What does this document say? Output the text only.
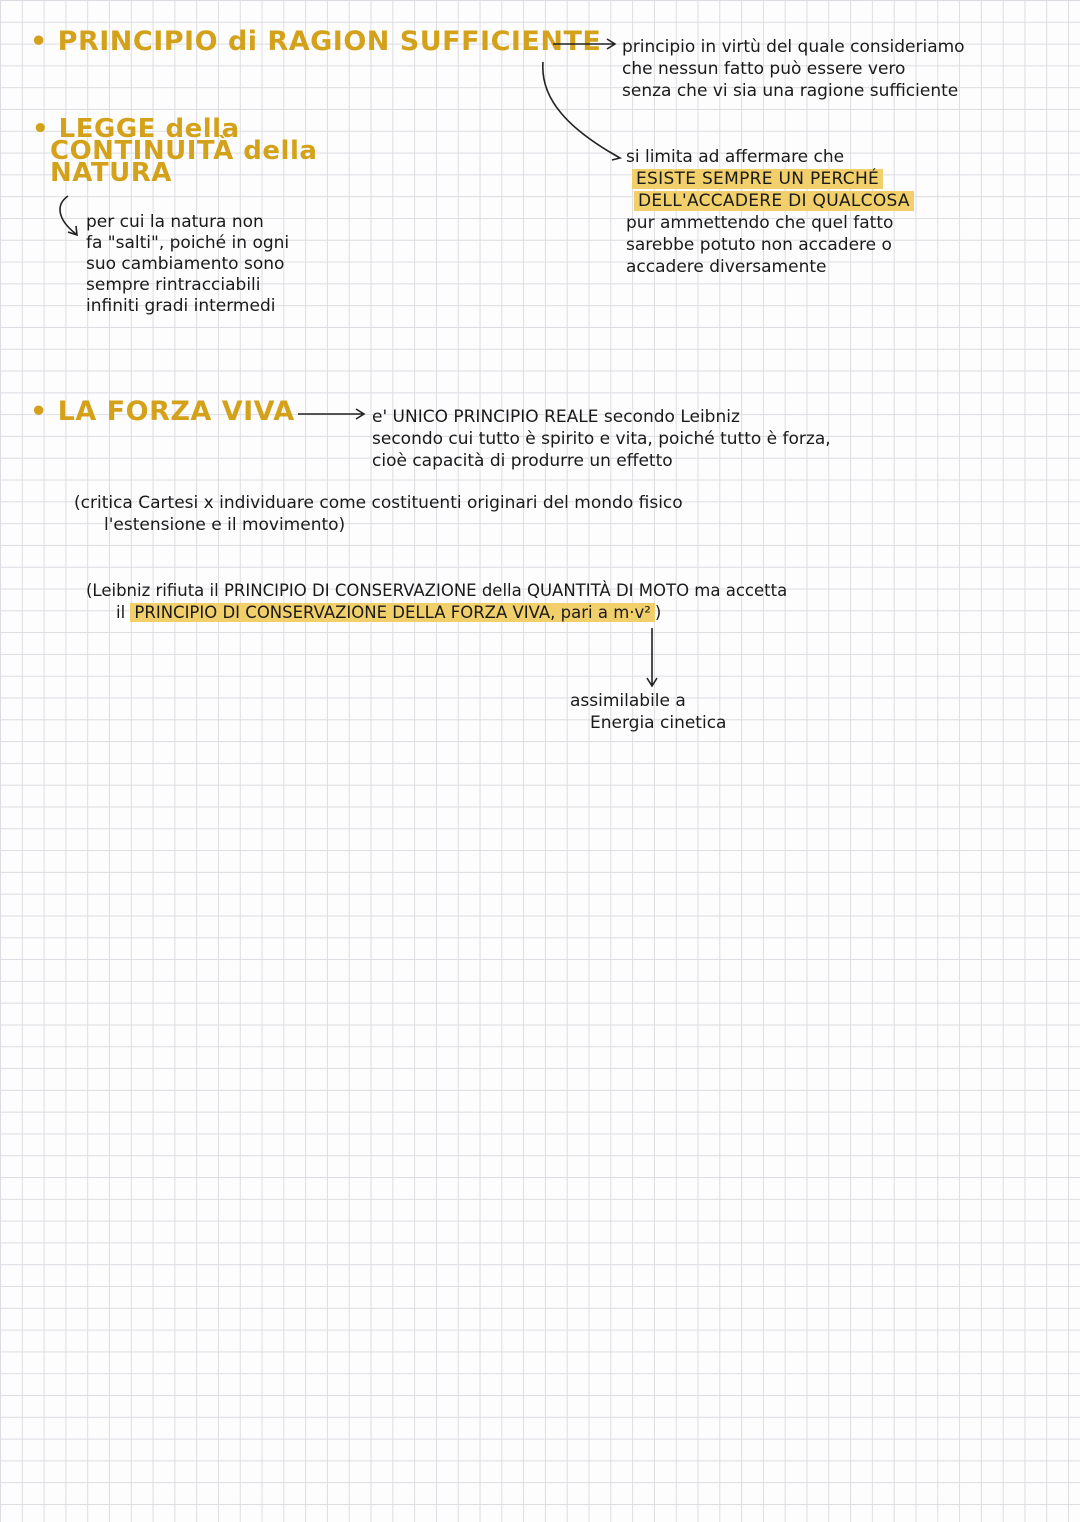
• PRINCIPIO di RAGION SUFFICIENTE principio in virtù del quale consideriamo
che nessun fatto può essere vero
senza che vi sia una ragione sufficiente
si limita ad affermare che
ESISTE SEMPRE UN PERCHÉ
DELL'ACCADERE DI QUALCOSA
pur ammettendo che quel fatto
sarebbe potuto non accadere o
accadere diversamente
• LEGGE della
CONTINUITÀ della
NATURA
per cui la natura non
fa "salti", poiché in ogni
suo cambiamento sono
sempre rintracciabili
infiniti gradi intermedi
• LA FORZA VIVA	e' UNICO PRINCIPIO REALE secondo Leibniz
secondo cui tutto è spirito e vita, poiché tutto è forza,
cioè capacità di produrre un effetto
(critica Cartesi x individuare come costituenti originari del mondo fisico
l'estensione e il movimento)
(Leibniz rifiuta il PRINCIPIO DI CONSERVAZIONE della QUANTITÀ DI MOTO ma accetta
il PRINCIPIO DI CONSERVAZIONE DELLA FORZA VIVA, pari a m·v² )
assimilabile a
Energia cinetica
